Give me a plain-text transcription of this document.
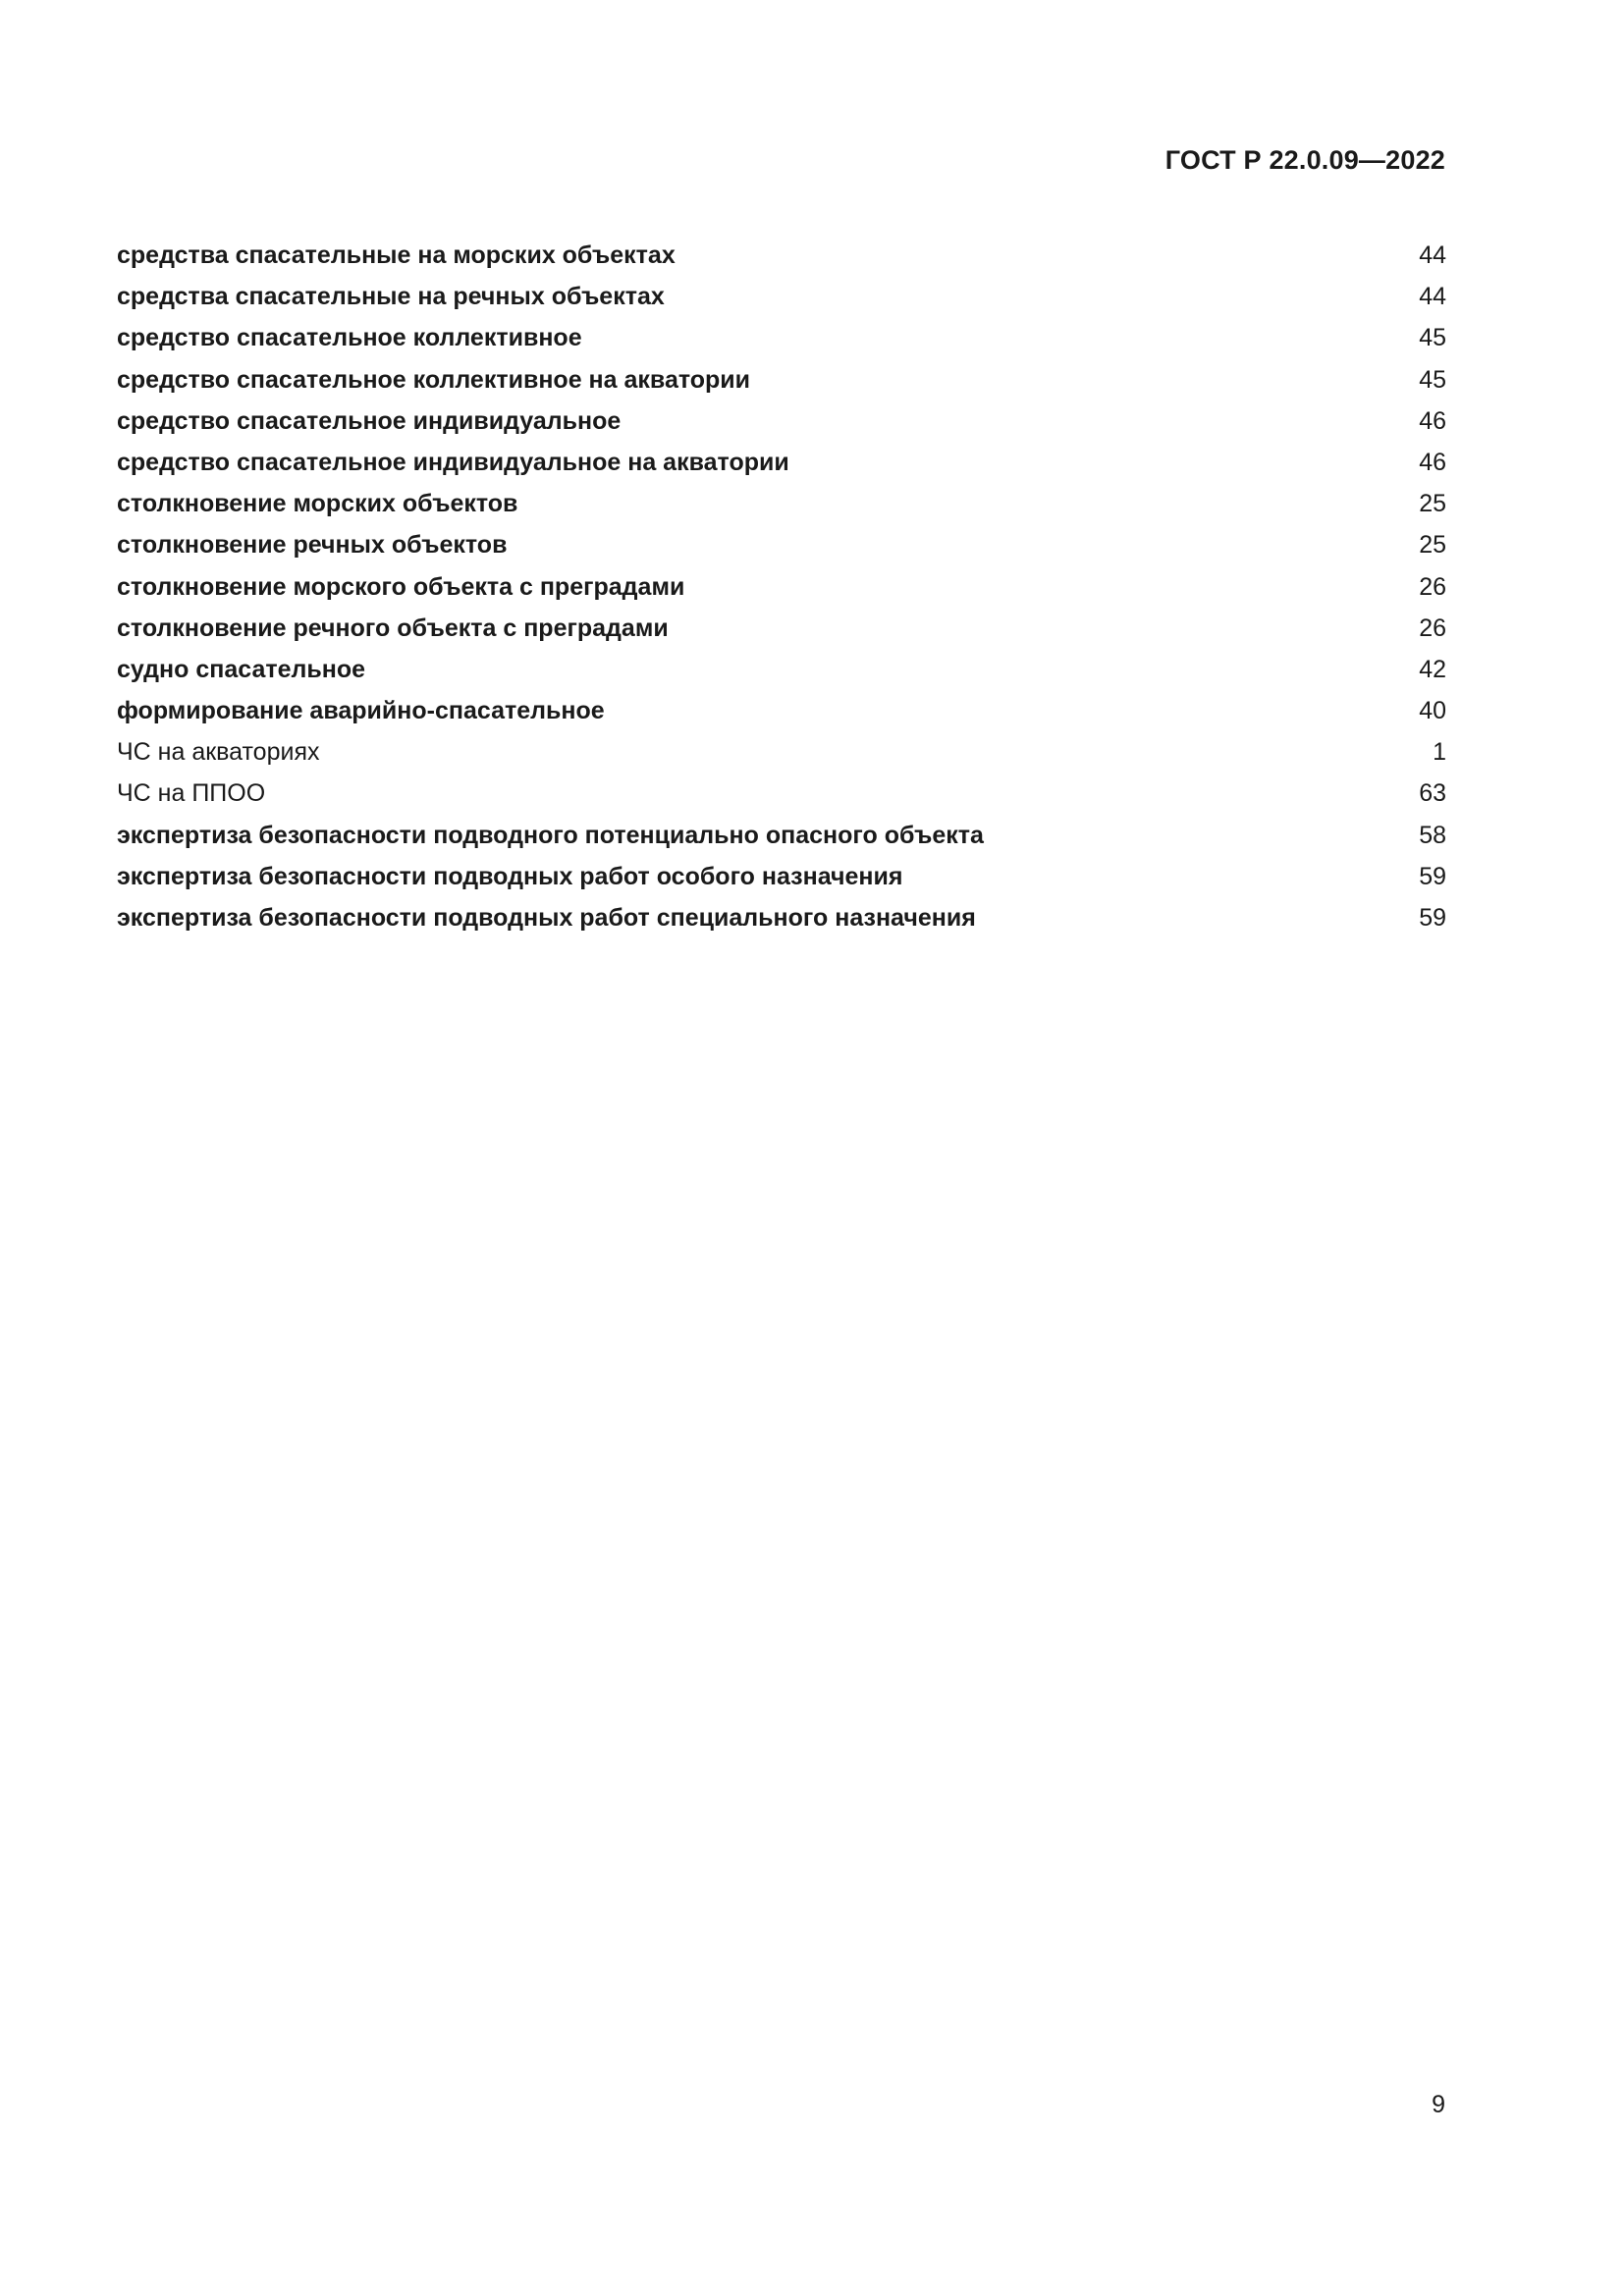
ГОСТ Р 22.0.09—2022
средства спасательные на морских объектах	44
средства спасательные на речных объектах	44
средство спасательное коллективное	45
средство спасательное коллективное на акватории	45
средство спасательное индивидуальное	46
средство спасательное индивидуальное на акватории	46
столкновение морских объектов	25
столкновение речных объектов	25
столкновение морского объекта с преградами	26
столкновение речного объекта с преградами	26
судно спасательное	42
формирование аварийно-спасательное	40
ЧС на акваториях	1
ЧС на ППОО	63
экспертиза безопасности подводного потенциально опасного объекта	58
экспертиза безопасности подводных работ особого назначения	59
экспертиза безопасности подводных работ специального назначения	59
9
